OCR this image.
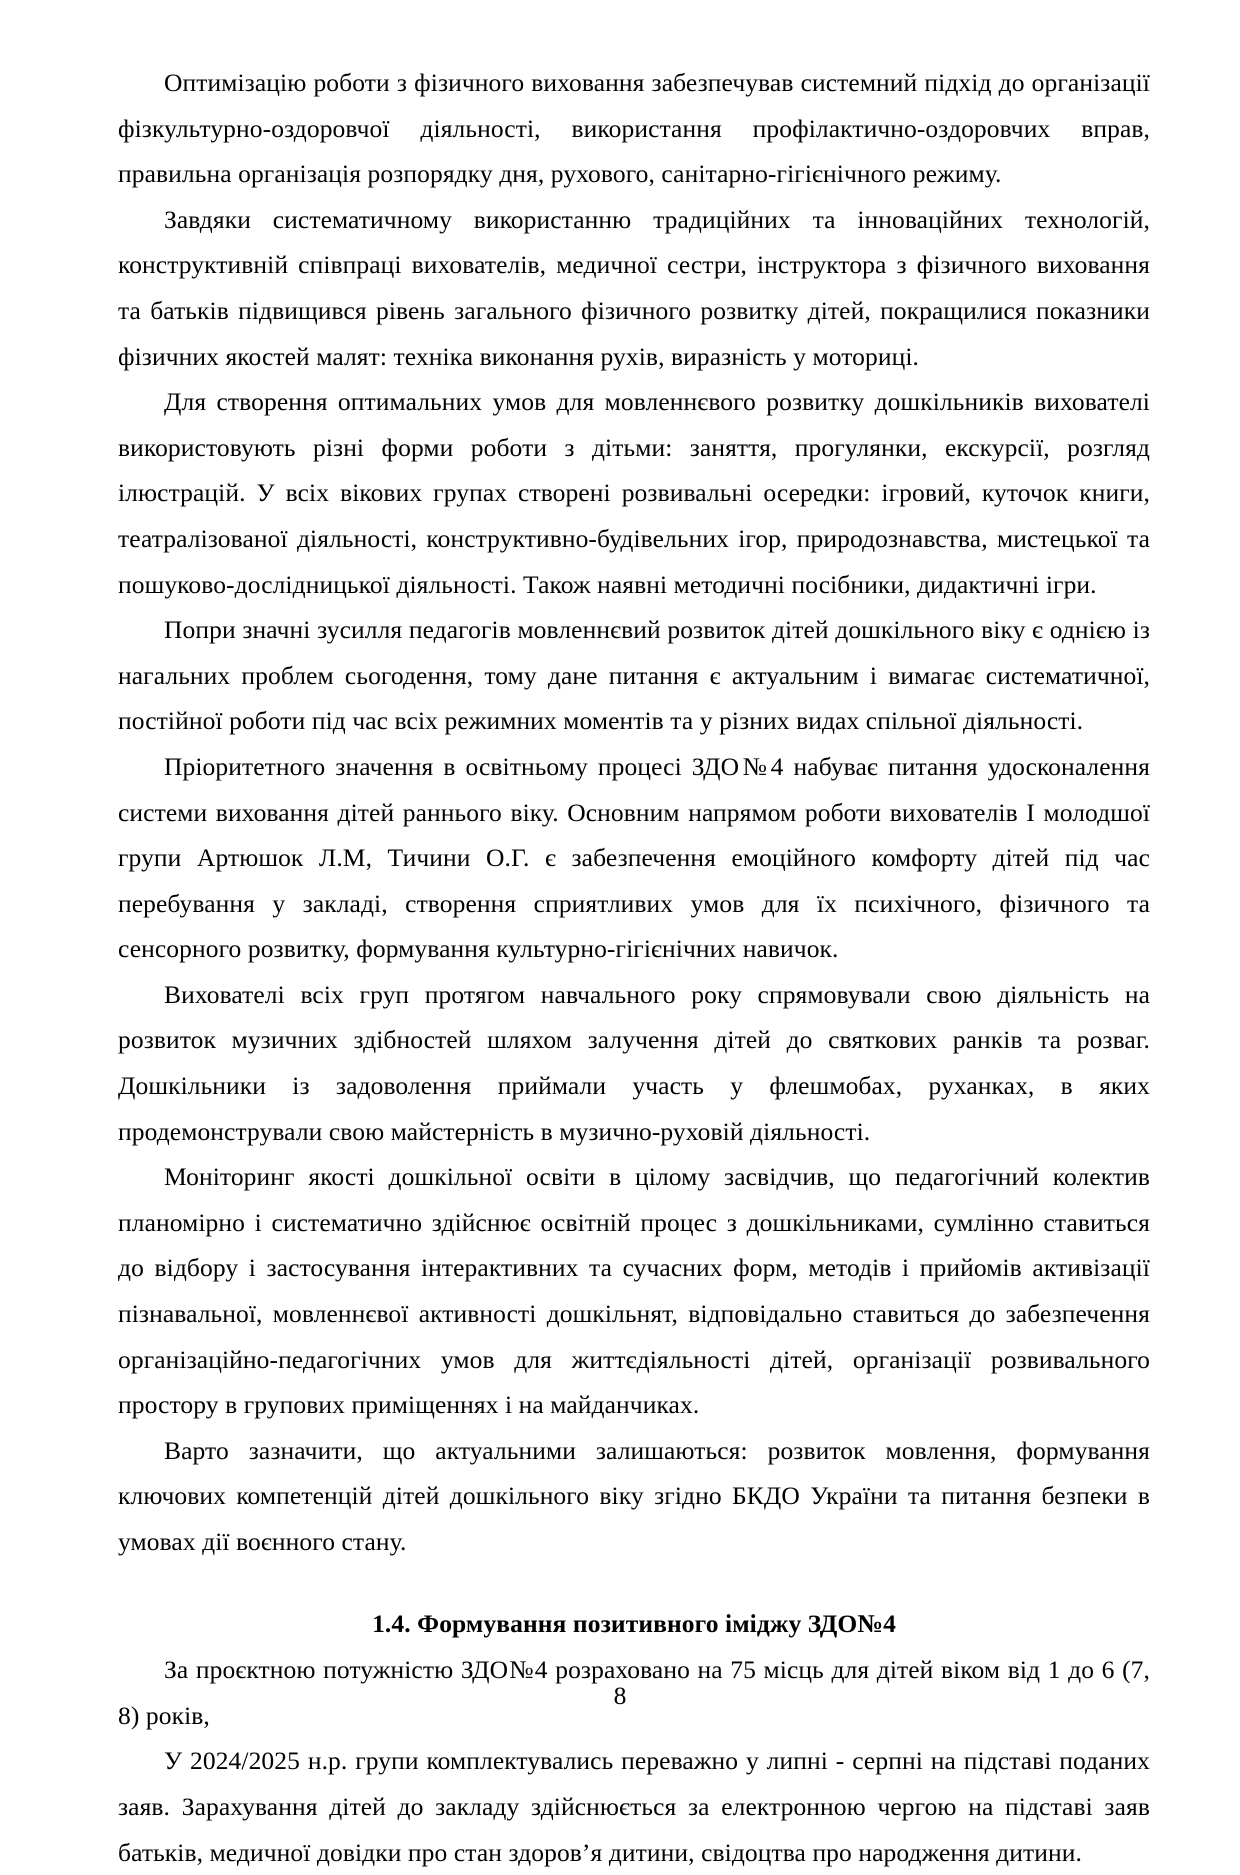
Оптимізацію роботи з фізичного виховання забезпечував системний підхід до організації фізкультурно-оздоровчої діяльності, використання профілактично-оздоровчих вправ, правильна організація розпорядку дня, рухового, санітарно-гігієнічного режиму.

Завдяки систематичному використанню традиційних та інноваційних технологій, конструктивній співпраці вихователів, медичної сестри, інструктора з фізичного виховання та батьків підвищився рівень загального фізичного розвитку дітей, покращилися показники фізичних якостей малят: техніка виконання рухів, виразність у моториці.

Для створення оптимальних умов для мовленнєвого розвитку дошкільників вихователі використовують різні форми роботи з дітьми: заняття, прогулянки, екскурсії, розгляд ілюстрацій. У всіх вікових групах створені розвивальні осередки: ігровий, куточок книги, театралізованої діяльності, конструктивно-будівельних ігор, природознавства, мистецької та пошуково-дослідницької діяльності. Також наявні методичні посібники, дидактичні ігри.

Попри значні зусилля педагогів мовленнєвий розвиток дітей дошкільного віку є однією із нагальних проблем сьогодення, тому дане питання є актуальним і вимагає систематичної, постійної роботи під час всіх режимних моментів та у різних видах спільної діяльності.

Пріоритетного значення в освітньому процесі ЗДО№4 набуває питання удосконалення системи виховання дітей раннього віку. Основним напрямом роботи вихователів І молодшої групи Артюшок Л.М, Тичини О.Г. є забезпечення емоційного комфорту дітей під час перебування у закладі, створення сприятливих умов для їх психічного, фізичного та сенсорного розвитку, формування культурно-гігієнічних навичок.

Вихователі всіх груп протягом навчального року спрямовували свою діяльність на розвиток музичних здібностей шляхом залучення дітей до святкових ранків та розваг. Дошкільники із задоволення приймали участь у флешмобах, руханках, в яких продемонстрували свою майстерність в музично-руховій діяльності.

Моніторинг якості дошкільної освіти в цілому засвідчив, що педагогічний колектив планомірно і систематично здійснює освітній процес з дошкільниками, сумлінно ставиться до відбору і застосування інтерактивних та сучасних форм, методів і прийомів активізації пізнавальної, мовленнєвої активності дошкільнят, відповідально ставиться до забезпечення організаційно-педагогічних умов для життєдіяльності дітей, організації розвивального простору в групових приміщеннях і на майданчиках.

Варто зазначити, що актуальними залишаються: розвиток мовлення, формування ключових компетенцій дітей дошкільного віку згідно БКДО України та питання безпеки в умовах дії воєнного стану.

1.4. Формування позитивного іміджу ЗДО№4

За проєктною потужністю ЗДО№4 розраховано на 75 місць для дітей віком від 1 до 6 (7, 8) років,

У 2024/2025 н.р. групи комплектувались переважно у липні - серпні на підставі поданих заяв. Зарахування дітей до закладу здійснюється за електронною чергою на підставі заяв батьків, медичної довідки про стан здоров’я дитини, свідоцтва про народження дитини.

8
